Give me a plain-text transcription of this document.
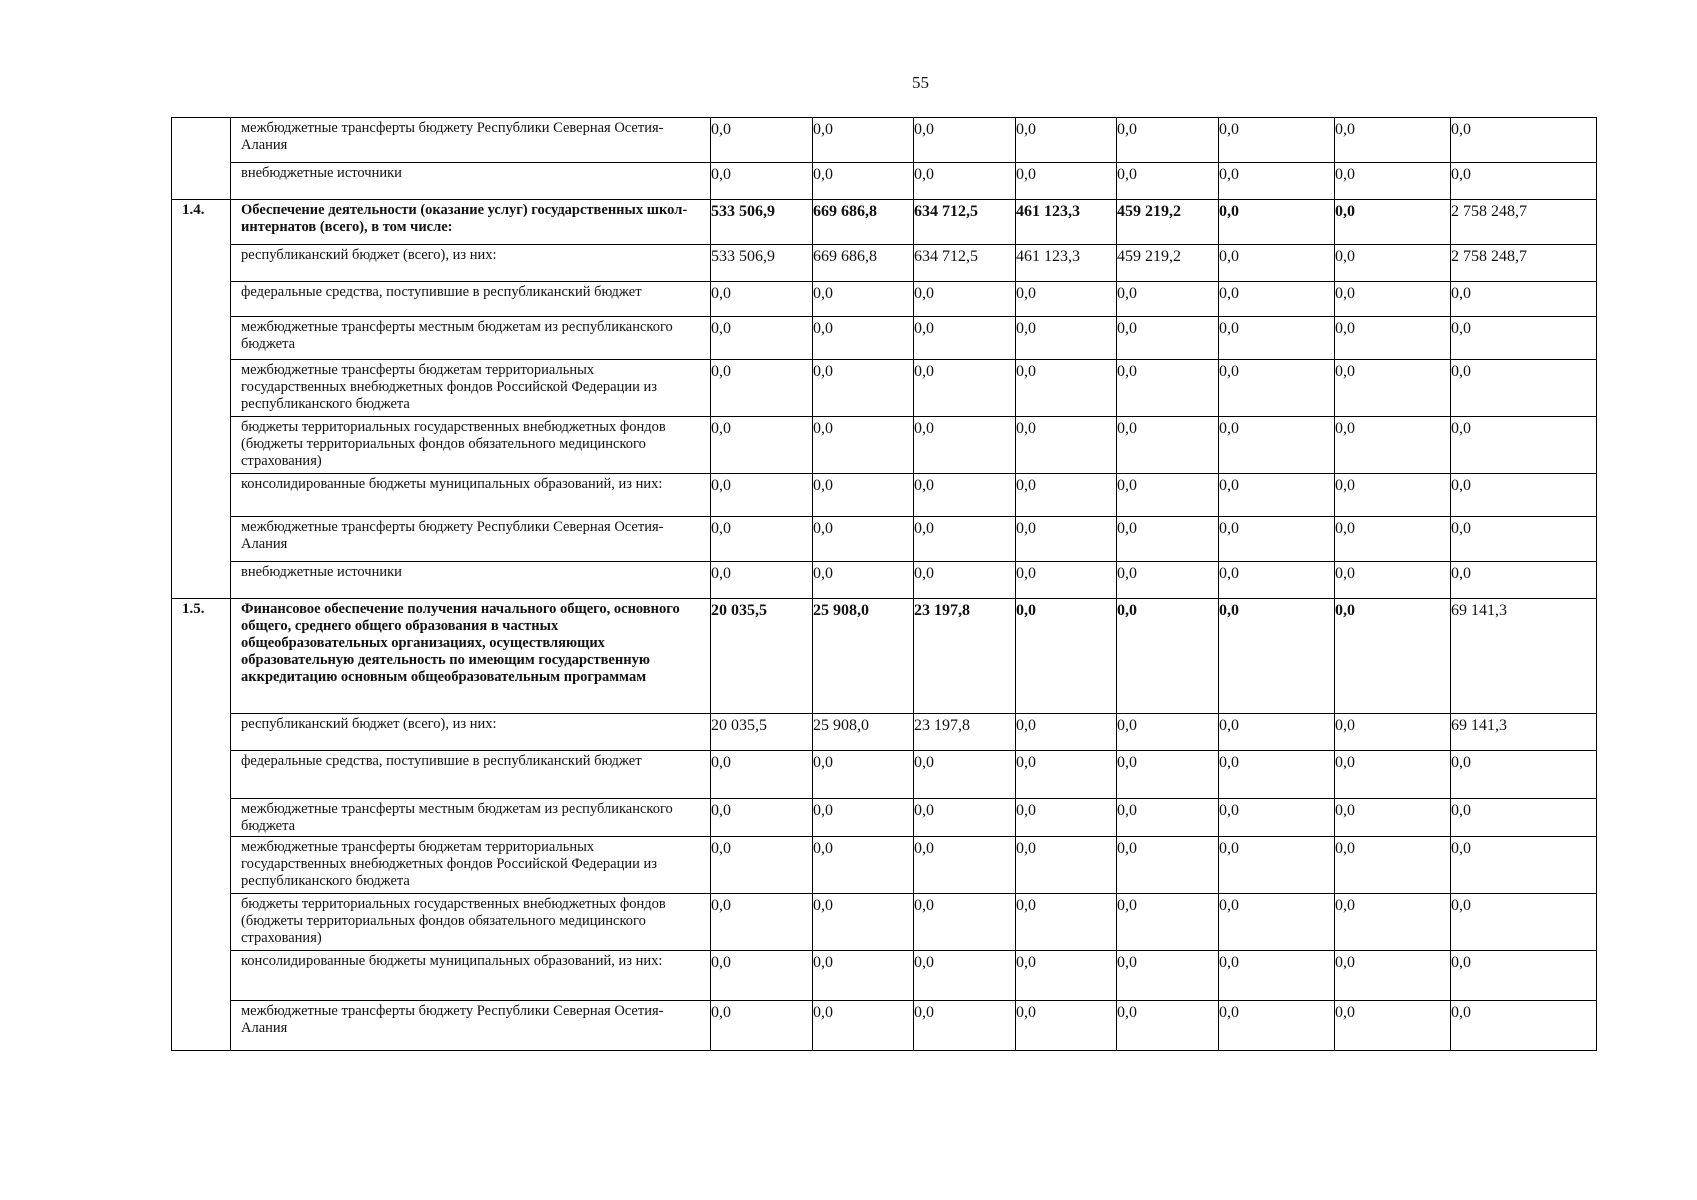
55
	межбюджетные трансферты бюджету Республики Северная Осетия-Алания	0,0	0,0	0,0	0,0	0,0	0,0	0,0	0,0
	внебюджетные источники	0,0	0,0	0,0	0,0	0,0	0,0	0,0	0,0
1.4.	Обеспечение деятельности (оказание услуг) государственных школ-интернатов (всего), в том числе:	533 506,9	669 686,8	634 712,5	461 123,3	459 219,2	0,0	0,0	2 758 248,7
	республиканский бюджет (всего), из них:	533 506,9	669 686,8	634 712,5	461 123,3	459 219,2	0,0	0,0	2 758 248,7
	федеральные средства, поступившие в республиканский бюджет	0,0	0,0	0,0	0,0	0,0	0,0	0,0	0,0
	межбюджетные трансферты местным бюджетам из республиканского бюджета	0,0	0,0	0,0	0,0	0,0	0,0	0,0	0,0
	межбюджетные трансферты бюджетам территориальных государственных внебюджетных фондов Российской Федерации из республиканского бюджета	0,0	0,0	0,0	0,0	0,0	0,0	0,0	0,0
	бюджеты территориальных государственных внебюджетных фондов (бюджеты территориальных фондов обязательного медицинского страхования)	0,0	0,0	0,0	0,0	0,0	0,0	0,0	0,0
	консолидированные бюджеты муниципальных образований, из них:	0,0	0,0	0,0	0,0	0,0	0,0	0,0	0,0
	межбюджетные трансферты бюджету Республики Северная Осетия-Алания	0,0	0,0	0,0	0,0	0,0	0,0	0,0	0,0
	внебюджетные источники	0,0	0,0	0,0	0,0	0,0	0,0	0,0	0,0
1.5.	Финансовое обеспечение получения начального общего, основного общего, среднего общего образования в частных общеобразовательных организациях, осуществляющих образовательную деятельность по имеющим государственную аккредитацию основным общеобразовательным программам	20 035,5	25 908,0	23 197,8	0,0	0,0	0,0	0,0	69 141,3
	республиканский бюджет (всего), из них:	20 035,5	25 908,0	23 197,8	0,0	0,0	0,0	0,0	69 141,3
	федеральные средства, поступившие в республиканский бюджет	0,0	0,0	0,0	0,0	0,0	0,0	0,0	0,0
	межбюджетные трансферты местным бюджетам из республиканского бюджета	0,0	0,0	0,0	0,0	0,0	0,0	0,0	0,0
	межбюджетные трансферты бюджетам территориальных государственных внебюджетных фондов Российской Федерации из республиканского бюджета	0,0	0,0	0,0	0,0	0,0	0,0	0,0	0,0
	бюджеты территориальных государственных внебюджетных фондов (бюджеты территориальных фондов обязательного медицинского страхования)	0,0	0,0	0,0	0,0	0,0	0,0	0,0	0,0
	консолидированные бюджеты муниципальных образований, из них:	0,0	0,0	0,0	0,0	0,0	0,0	0,0	0,0
	межбюджетные трансферты бюджету Республики Северная Осетия-Алания	0,0	0,0	0,0	0,0	0,0	0,0	0,0	0,0
